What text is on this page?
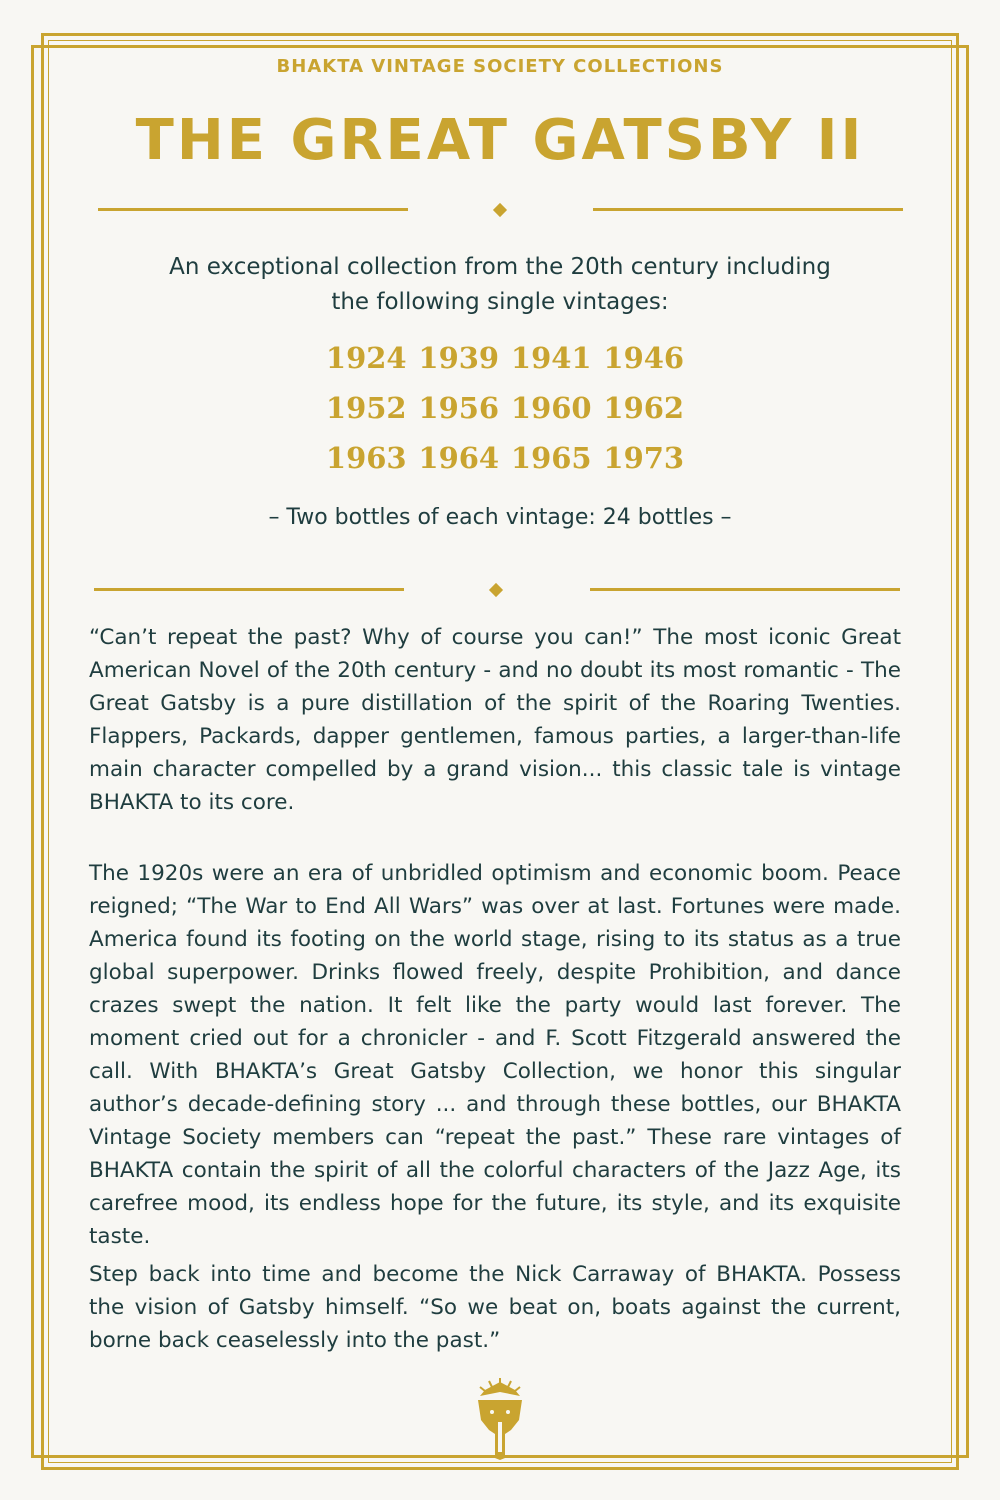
BHAKTA VINTAGE SOCIETY COLLECTIONS
THE GREAT GATSBY II
An exceptional collection from the 20th century including
the following single vintages:
1924 1939 1941 1946
1952 1956 1960 1962
1963 1964 1965 1973
– Two bottles of each vintage: 24 bottles –

“Can’t repeat the past? Why of course you can!” The most iconic Great American Novel of the 20th century - and no doubt its most romantic - The Great Gatsby is a pure distillation of the spirit of the Roaring Twenties. Flappers, Packards, dapper gentlemen, famous parties, a larger-than-life main character compelled by a grand vision... this classic tale is vintage BHAKTA to its core.

The 1920s were an era of unbridled optimism and economic boom. Peace reigned; “The War to End All Wars” was over at last. Fortunes were made. America found its footing on the world stage, rising to its status as a true global superpower. Drinks flowed freely, despite Prohibition, and dance crazes swept the nation. It felt like the party would last forever. The moment cried out for a chronicler - and F. Scott Fitzgerald answered the call. With BHAKTA’s Great Gatsby Collection, we honor this singular author’s decade-defining story ... and through these bottles, our BHAKTA Vintage Society members can “repeat the past.” These rare vintages of BHAKTA contain the spirit of all the colorful characters of the Jazz Age, its carefree mood, its endless hope for the future, its style, and its exquisite taste.

Step back into time and become the Nick Carraway of BHAKTA. Possess the vision of Gatsby himself. “So we beat on, boats against the current, borne back ceaselessly into the past.”
